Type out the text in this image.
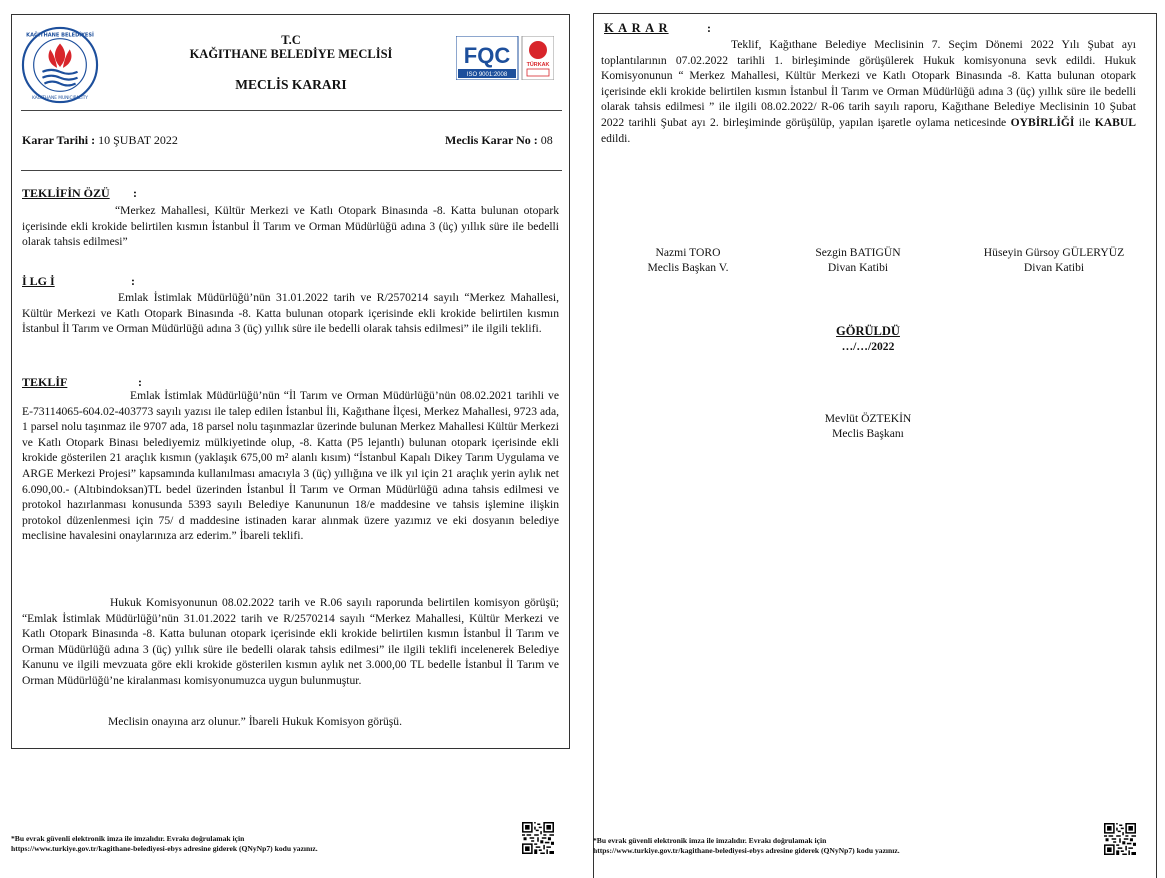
KAĞITHANE BELEDİYESİ
KAĞITHANE MUNICIPALITY
FQC
ISO 9001:2008
TÜRKAK
T.C
KAĞITHANE BELEDİYE MECLİSİ
MECLİS KARARI
Karar Tarihi : 10 ŞUBAT 2022	Meclis Karar No : 08
TEKLİFİN ÖZÜ :
“Merkez Mahallesi, Kültür Merkezi ve Katlı Otopark Binasında -8. Katta bulunan otopark içerisinde ekli krokide belirtilen kısmın İstanbul İl Tarım ve Orman Müdürlüğü adına 3 (üç) yıllık süre ile bedelli olarak tahsis edilmesi”
İ LG İ	:
Emlak İstimlak Müdürlüğü’nün 31.01.2022 tarih ve R/2570214 sayılı “Merkez Mahallesi, Kültür Merkezi ve Katlı Otopark Binasında -8. Katta bulunan otopark içerisinde ekli krokide belirtilen kısmın İstanbul İl Tarım ve Orman Müdürlüğü adına 3 (üç) yıllık süre ile bedelli olarak tahsis edilmesi” ile ilgili teklifi.
TEKLİF	:
Emlak İstimlak Müdürlüğü’nün “İl Tarım ve Orman Müdürlüğü’nün 08.02.2021 tarihli ve E-73114065-604.02-403773 sayılı yazısı ile talep edilen İstanbul İli, Kağıthane İlçesi, Merkez Mahallesi, 9723 ada, 1 parsel nolu taşınmaz ile 9707 ada, 18 parsel nolu taşınmazlar üzerinde bulunan Merkez Mahallesi Kültür Merkezi ve Katlı Otopark Binası belediyemiz mülkiyetinde olup, -8. Katta (P5 lejantlı) bulunan otopark içerisinde ekli krokide gösterilen 21 araçlık kısmın (yaklaşık 675,00 m² alanlı kısım) “İstanbul Kapalı Dikey Tarım Uygulama ve ARGE Merkezi Projesi” kapsamında kullanılması amacıyla 3 (üç) yıllığına ve ilk yıl için 21 araçlık yerin aylık net 6.090,00.- (Altıbindoksan)TL bedel üzerinden İstanbul İl Tarım ve Orman Müdürlüğü adına tahsis edilmesi ve protokol hazırlanması konusunda 5393 sayılı Belediye Kanununun 18/e maddesine ve tahsis işlemine ilişkin protokol düzenlenmesi için 75/ d maddesine istinaden karar alınmak üzere yazımız ve eki dosyanın belediye meclisine havalesini onaylarınıza arz ederim.” İbareli teklifi.
Hukuk Komisyonunun 08.02.2022 tarih ve R.06 sayılı raporunda belirtilen komisyon görüşü; “Emlak İstimlak Müdürlüğü’nün 31.01.2022 tarih ve R/2570214 sayılı “Merkez Mahallesi, Kültür Merkezi ve Katlı Otopark Binasında -8. Katta bulunan otopark içerisinde ekli krokide belirtilen kısmın İstanbul İl Tarım ve Orman Müdürlüğü adına 3 (üç) yıllık süre ile bedelli olarak tahsis edilmesi” ile ilgili teklifi incelenerek Belediye Kanunu ve ilgili mevzuata göre ekli krokide gösterilen kısmın aylık net 3.000,00 TL bedelle İstanbul İl Tarım ve Orman Müdürlüğü’ne kiralanması komisyonumuzca uygun bulunmuştur.
Meclisin onayına arz olunur.” İbareli Hukuk Komisyon görüşü.
*Bu evrak güvenli elektronik imza ile imzalıdır. Evrakı doğrulamak için
https://www.turkiye.gov.tr/kagithane-belediyesi-ebys adresine giderek (QNyNp7) kodu yazınız.
K A R A R	:
Teklif, Kağıthane Belediye Meclisinin 7. Seçim Dönemi 2022 Yılı Şubat ayı toplantılarının 07.02.2022 tarihli 1. birleşiminde görüşülerek Hukuk komisyonuna sevk edildi. Hukuk Komisyonunun “ Merkez Mahallesi, Kültür Merkezi ve Katlı Otopark Binasında -8. Katta bulunan otopark içerisinde ekli krokide belirtilen kısmın İstanbul İl Tarım ve Orman Müdürlüğü adına 3 (üç) yıllık süre ile bedelli olarak tahsis edilmesi ” ile ilgili 08.02.2022/ R-06 tarih sayılı raporu, Kağıthane Belediye Meclisinin 10 Şubat 2022 tarihli Şubat ayı 2. birleşiminde görüşülüp, yapılan işaretle oylama neticesinde OYBİRLİĞİ ile KABUL edildi.
Nazmi TORO
Meclis Başkan V.
Sezgin BATIGÜN
Divan Katibi
Hüseyin Gürsoy GÜLERYÜZ
Divan Katibi
GÖRÜLDÜ
…/…/2022
Mevlüt ÖZTEKİN
Meclis Başkanı
*Bu evrak güvenli elektronik imza ile imzalıdır. Evrakı doğrulamak için
https://www.turkiye.gov.tr/kagithane-belediyesi-ebys adresine giderek (QNyNp7) kodu yazınız.
